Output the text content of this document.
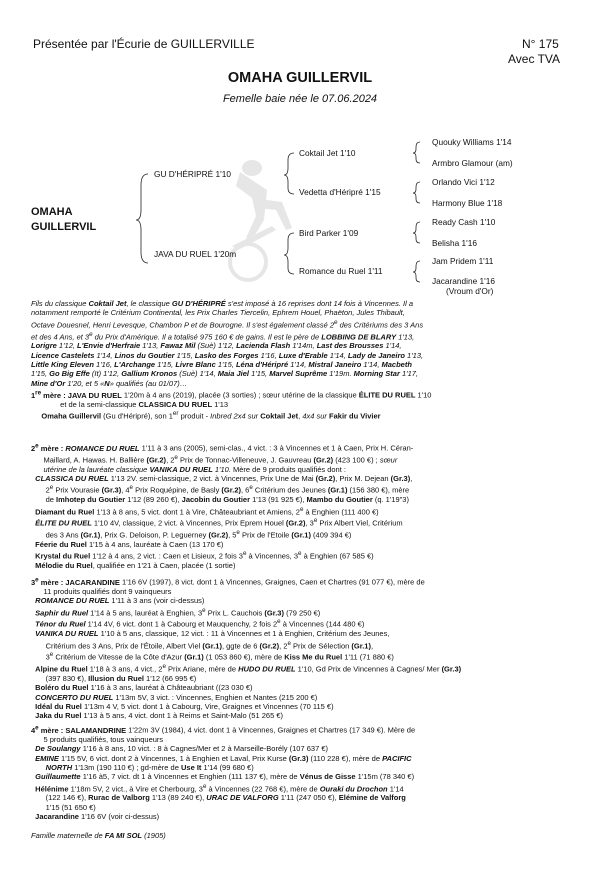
Présentée par l'Écurie de GUILLERVILLE	N° 175
Avec TVA
OMAHA GUILLERVIL
Femelle baie née le 07.06.2024
OMAHA
GUILLERVIL
GU D'HÉRIPRÉ 1'10
JAVA DU RUEL 1'20m
Coktail Jet 1'10
Vedetta d'Héripré 1'15
Bird Parker 1'09
Romance du Ruel 1'11
Quouky Williams 1'14
Armbro Glamour (am)
Orlando Vici 1'12
Harmony Blue 1'18
Ready Cash 1'10
Belisha 1'16
Jam Pridem 1'11
Jacarandine 1'16
(Vroum d'Or)
Fils du classique Coktail Jet, le classique GU D'HÉRIPRÉ s'est imposé à 16 reprises dont 14 fois à Vincennes. Il a
notamment remporté le Critérium Continental, les Prix Charles Tiercelin, Ephrem Houel, Phaëton, Jules Thibault,
Octave Douesnel, Henri Levesque, Chambon P et de Bourogne. Il s'est également classé 2e des Critériums des 3 Ans
et des 4 Ans, et 3e du Prix d'Amérique. Il a totalisé 975 160 € de gains. Il est le père de LOBBING DE BLARY 1'13,
Lorigre 1'12, L'Envie d'Herfraie 1'13, Fawaz Mil (Suè) 1'12, Lacienda Flash 1'14m, Last des Brousses 1'14,
Licence Castelets 1'14, Linos du Goutier 1'15, Lasko des Forges 1'16, Luxe d'Erable 1'14, Lady de Janeiro 1'13,
Little King Eleven 1'16, L'Archange 1'15, Livre Blanc 1'15, Léna d'Héripré 1'14, Mistral Janeiro 1'14, Macbeth
1'15, Go Big Effe (It) 1'12, Gallium Kronos (Suè) 1'14, Maia Jiel 1'15, Marvel Suprême 1'19m. Morning Star 1'17,
Mine d'Or 1'20, et 5 «N» qualifiés (au 01/07)…
1re mère : JAVA DU RUEL 1'20m à 4 ans (2019), placée (3 sorties) ; sœur utérine de la classique ÉLITE DU RUEL 1'10
et de la semi-classique CLASSICA DU RUEL 1'13
Omaha Guillervil (Gu d'Héripré), son 1er produit - Inbred 2x4 sur Coktail Jet, 4x4 sur Fakir du Vivier
2e mère : ROMANCE DU RUEL 1'11 à 3 ans (2005), semi-clas., 4 vict. : 3 à Vincennes et 1 à Caen, Prix H. Céran-
Maillard, A. Hawas. H. Ballière (Gr.2), 2e Prix de Tonnac-Villeneuve, J. Gauvreau (Gr.2) (423 100 €) ; sœur
utérine de la lauréate classique VANIKA DU RUEL 1'10. Mère de 9 produits qualifiés dont :
CLASSICA DU RUEL 1'13 2V. semi-classique, 2 vict. à Vincennes, Prix Une de Mai (Gr.2), Prix M. Dejean (Gr.3),
2e Prix Vourasie (Gr.3), 4e Prix Roquépine, de Basly (Gr.2), 6e Critérium des Jeunes (Gr.1) (156 380 €), mère
de Imhotep du Goutier 1'12 (89 260 €), Jacobin du Goutier 1'13 (91 925 €), Mambo du Goutier (q. 1'19"3)
Diamant du Ruel 1'13 à 8 ans, 5 vict. dont 1 à Vire, Châteaubriant et Amiens, 2e à Enghien (111 400 €)
ÉLITE DU RUEL 1'10 4V, classique, 2 vict. à Vincennes, Prix Eprem Houel (Gr.2), 3e Prix Albert Viel, Critérium
des 3 Ans (Gr.1), Prix G. Deloison, P. Leguerney (Gr.2), 5e Prix de l'Etoile (Gr.1) (409 394 €)
Féerie du Ruel 1'15 à 4 ans, lauréate à Caen (13 170 €)
Krystal du Ruel 1'12 à 4 ans, 2 vict. : Caen et Lisieux, 2 fois 3e à Vincennes, 3e à Enghien (67 585 €)
Mélodie du Ruel, qualifiée en 1'21 à Caen, placée (1 sortie)
3e mère : JACARANDINE 1'16 6V (1997), 8 vict. dont 1 à Vincennes, Graignes, Caen et Chartres (91 077 €), mère de
11 produits qualifiés dont 9 vainqueurs
ROMANCE DU RUEL 1'11 à 3 ans (voir ci-dessus)
Saphir du Ruel 1'14 à 5 ans, lauréat à Enghien, 3e Prix L. Cauchois (Gr.3) (79 250 €)
Ténor du Ruel 1'14 4V, 6 vict. dont 1 à Cabourg et Mauquenchy, 2 fois 2e à Vincennes (144 480 €)
VANIKA DU RUEL 1'10 à 5 ans, classique, 12 vict. : 11 à Vincennes et 1 à Enghien, Critérium des Jeunes,
Critérium des 3 Ans, Prix de l'Étoile, Albert Viel (Gr.1), ggte de 6 (Gr.2), 2e Prix de Sélection (Gr.1),
3e Critérium de Vitesse de la Côte d'Azur (Gr.1) (1 053 860 €), mère de Kiss Me du Ruel 1'11 (71 880 €)
Alpine du Ruel 1'18 à 3 ans, 4 vict., 2e Prix Ariane, mère de HUDO DU RUEL 1'10, Gd Prix de Vincennes à Cagnes/ Mer (Gr.3)
(397 830 €), Illusion du Ruel 1'12 (66 995 €)
Boléro du Ruel 1'16 à 3 ans, lauréat à Châteaubriant ((23 030 €)
CONCERTO DU RUEL 1'13m 5V, 3 vict. : Vincennes, Enghien et Nantes (215 200 €)
Idéal du Ruel 1'13m 4 V, 5 vict. dont 1 à Cabourg, Vire, Graignes et Vincennes (70 115 €)
Jaka du Ruel 1'13 à 5 ans, 4 vict. dont 1 à Reims et Saint-Malo (51 265 €)
4e mère : SALAMANDRINE 1'22m 3V (1984), 4 vict. dont 1 à Vincennes, Graignes et Chartres (17 349 €). Mère de
5 produits qualifiés, tous vainqueurs
De Soulangy 1'16 à 8 ans, 10 vict. : 8 à Cagnes/Mer et 2 à Marseille-Borély (107 637 €)
EMINE 1'15 5V, 6 vict. dont 2 à Vincennes, 1 à Enghien et Laval, Prix Kurse (Gr.3) (110 228 €), mère de PACIFIC
NORTH 1'13m (190 110 €) ; gd-mère de Use It 1'14 (99 680 €)
Guillaumette 1'16 à5, 7 vict. dt 1 à Vincennes et Enghien (111 137 €), mère de Vénus de Gisse 1'15m (78 340 €)
Hélénime 1'18m 5V, 2 vict., à Vire et Cherbourg, 3e à Vincennes (22 768 €), mère de Ouraki du Drochon 1'14
(122 146 €), Rurac de Valborg 1'13 (89 240 €), URAC DE VALFORG 1'11 (247 050 €), Elémine de Valforg
1'15 (51 650 €)
Jacarandine 1'16 6V (voir ci-dessus)
Famille maternelle de FA MI SOL (1905)
